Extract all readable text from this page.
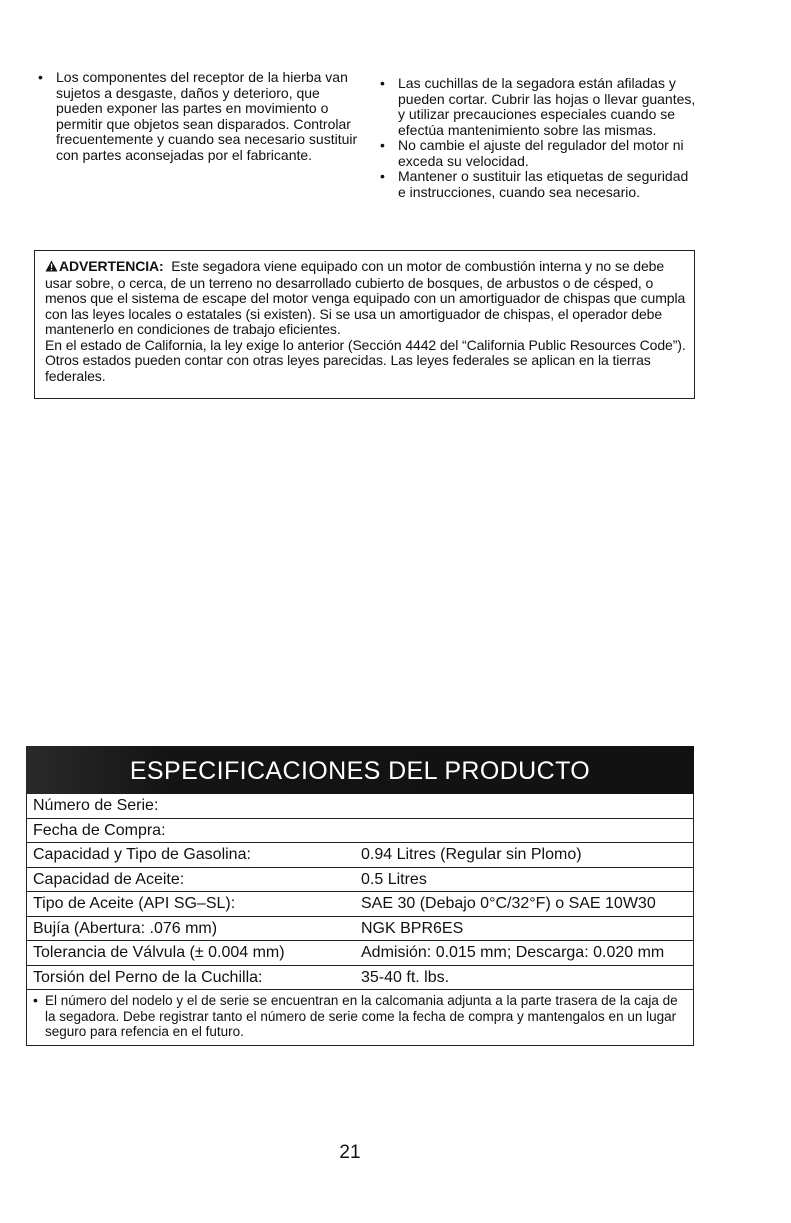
• Los componentes del receptor de la hierba van sujetos a desgaste, daños y deterioro, que pueden exponer las partes en movimiento o permitir que objetos sean disparados. Controlar frecuentemente y cuando sea necesario sustituir con partes aconsejadas por el fabricante.
• Las cuchillas de la segadora están afiladas y pueden cortar. Cubrir las hojas o llevar guantes, y utilizar precauciones especiales cuando se efectúa mantenimiento sobre las mismas.
• No cambie el ajuste del regulador del motor ni exceda su velocidad.
• Mantener o sustituir las etiquetas de seguridad e instrucciones, cuando sea necesario.
ADVERTENCIA: Este segadora viene equipado con un motor de combustión interna y no se debe usar sobre, o cerca, de un terreno no desarrollado cubierto de bosques, de arbustos o de césped, o menos que el sistema de escape del motor venga equipado con un amortiguador de chispas que cumpla con las leyes locales o estatales (si existen). Si se usa un amortiguador de chispas, el operador debe mantenerlo en condiciones de trabajo eficientes.
En el estado de California, la ley exige lo anterior (Sección 4442 del “California Public Resources Code”). Otros estados pueden contar con otras leyes parecidas. Las leyes federales se aplican en la tierras federales.
ESPECIFICACIONES DEL PRODUCTO
Número de Serie:
Fecha de Compra:
Capacidad y Tipo de Gasolina:	0.94 Litres (Regular sin Plomo)
Capacidad de Aceite:	0.5 Litres
Tipo de Aceite (API SG–SL):	SAE 30 (Debajo 0°C/32°F) o SAE 10W30
Bujía (Abertura: .076 mm)	NGK BPR6ES
Tolerancia de Válvula (± 0.004 mm)	Admisión: 0.015 mm; Descarga: 0.020 mm
Torsión del Perno de la Cuchilla:	35-40 ft. lbs.
• El número del nodelo y el de serie se encuentran en la calcomania adjunta a la parte trasera de la caja de la segadora. Debe registrar tanto el número de serie come la fecha de compra y mantengalos en un lugar seguro para refencia en el futuro.
21
